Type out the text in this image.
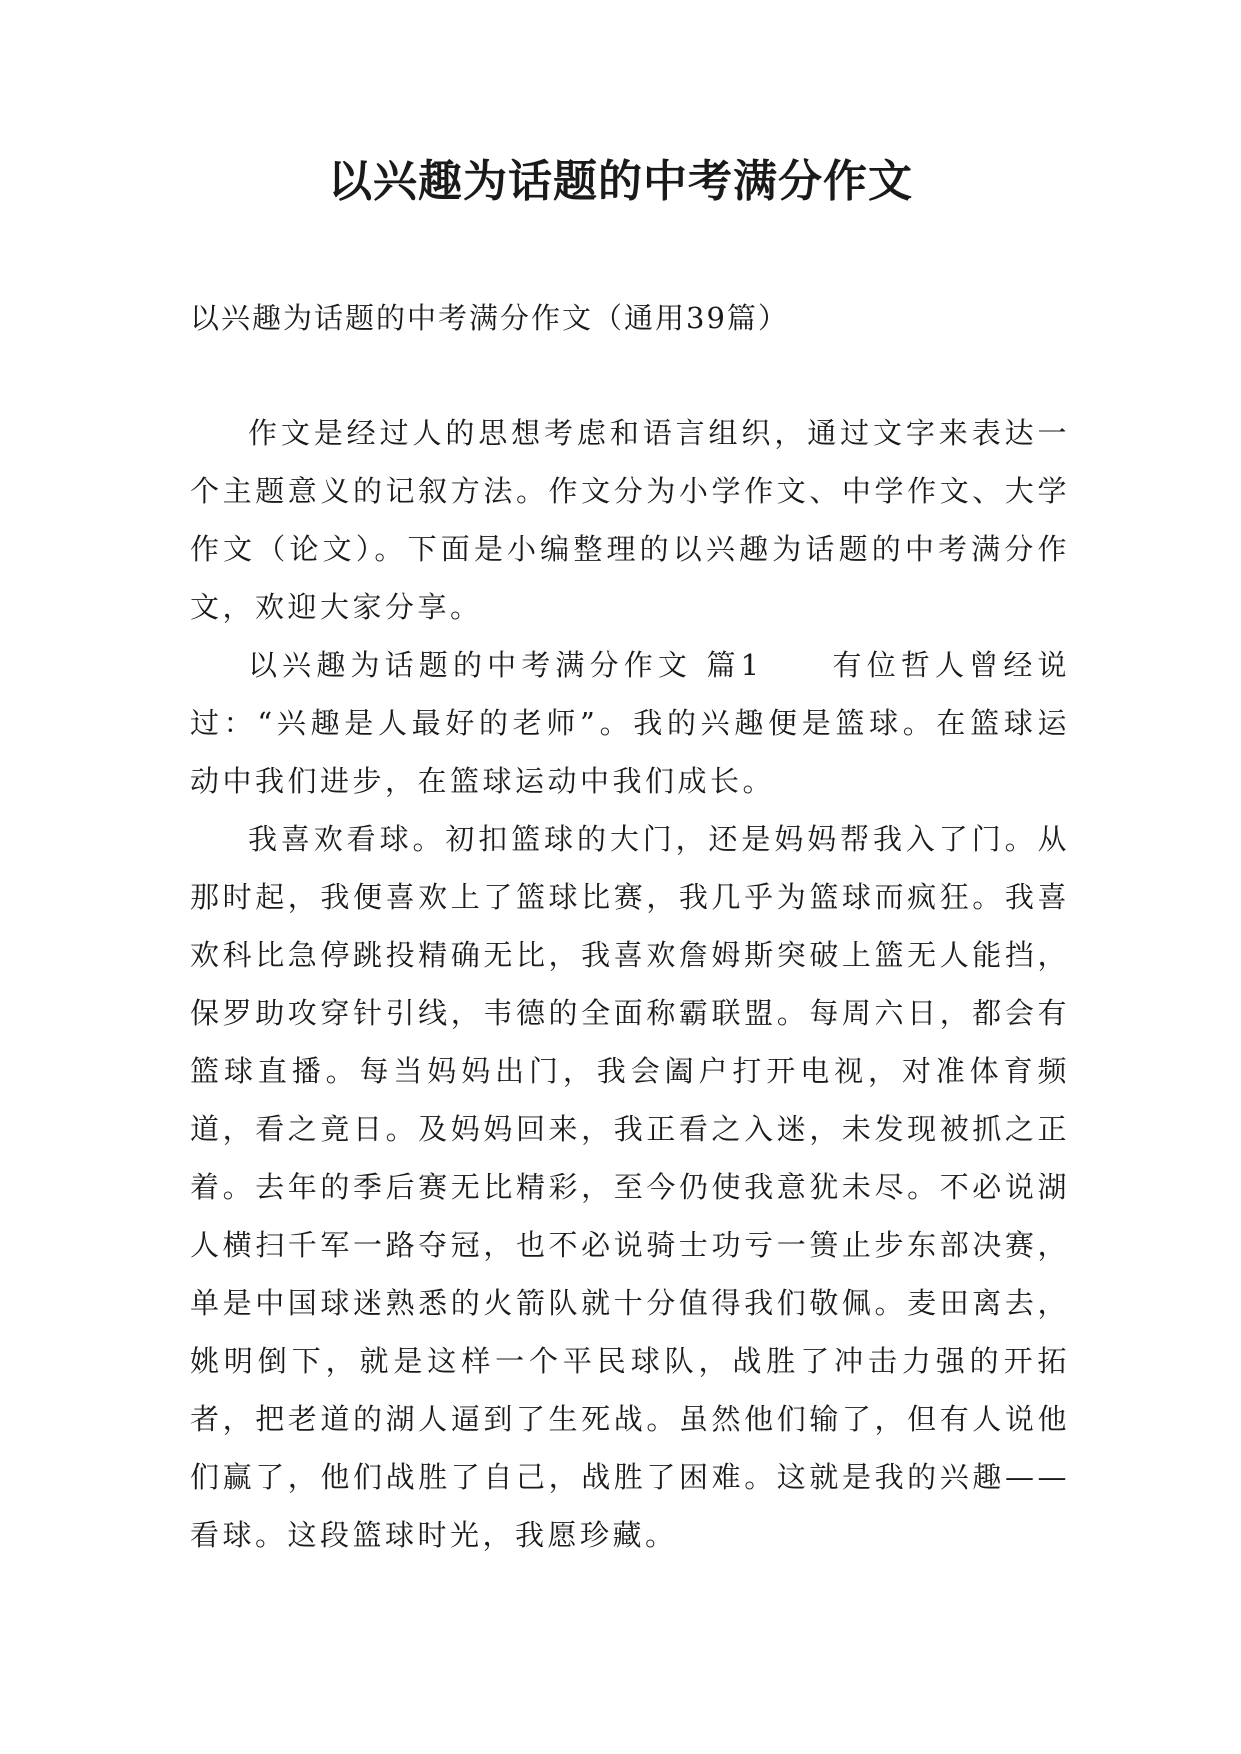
以兴趣为话题的中考满分作文

以兴趣为话题的中考满分作文（通用39篇）

作文是经过人的思想考虑和语言组织，通过文字来表达一个主题意义的记叙方法。作文分为小学作文、中学作文、大学作文（论文）。下面是小编整理的以兴趣为话题的中考满分作文，欢迎大家分享。

以兴趣为话题的中考满分作文 篇1　　有位哲人曾经说过：“兴趣是人最好的老师”。我的兴趣便是篮球。在篮球运动中我们进步，在篮球运动中我们成长。

我喜欢看球。初扣篮球的大门，还是妈妈帮我入了门。从那时起，我便喜欢上了篮球比赛，我几乎为篮球而疯狂。我喜欢科比急停跳投精确无比，我喜欢詹姆斯突破上篮无人能挡，保罗助攻穿针引线，韦德的全面称霸联盟。每周六日，都会有篮球直播。每当妈妈出门，我会阖户打开电视，对准体育频道，看之竟日。及妈妈回来，我正看之入迷，未发现被抓之正着。去年的季后赛无比精彩，至今仍使我意犹未尽。不必说湖人横扫千军一路夺冠，也不必说骑士功亏一篑止步东部决赛，单是中国球迷熟悉的火箭队就十分值得我们敬佩。麦田离去，姚明倒下，就是这样一个平民球队，战胜了冲击力强的开拓者，把老道的湖人逼到了生死战。虽然他们输了，但有人说他们赢了，他们战胜了自己，战胜了困难。这就是我的兴趣——看球。这段篮球时光，我愿珍藏。
